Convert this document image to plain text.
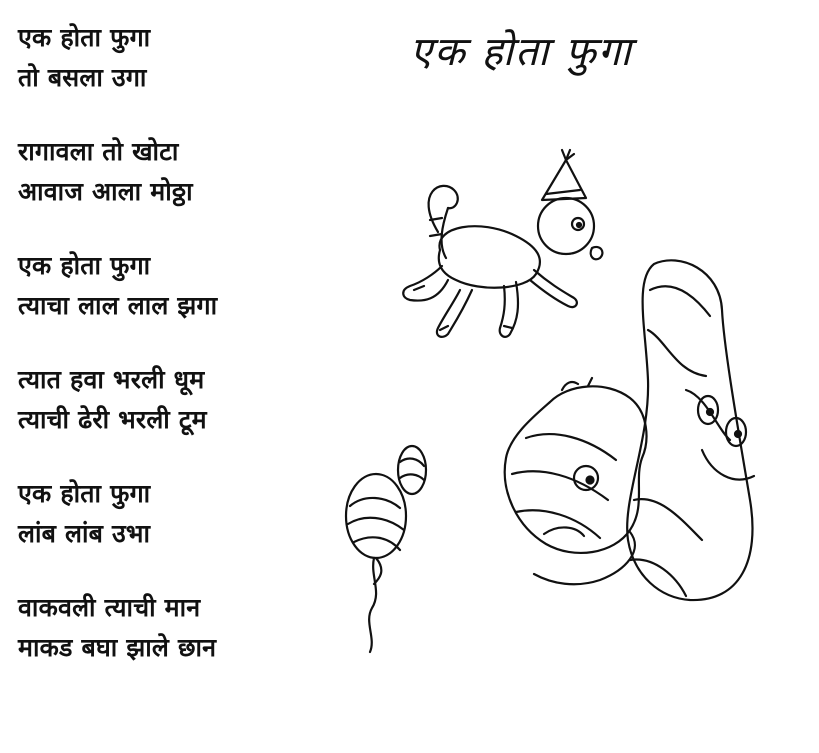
एक होता फुगा
एक होता फुगा
तो बसला उगा
रागावला तो खोटा
आवाज आला मोठ्ठा
एक होता फुगा
त्याचा लाल लाल झगा
त्यात हवा भरली धूम
त्याची ढेरी भरली टूम
एक होता फुगा
लांब लांब उभा
वाकवली त्याची मान
माकड बघा झाले छान
